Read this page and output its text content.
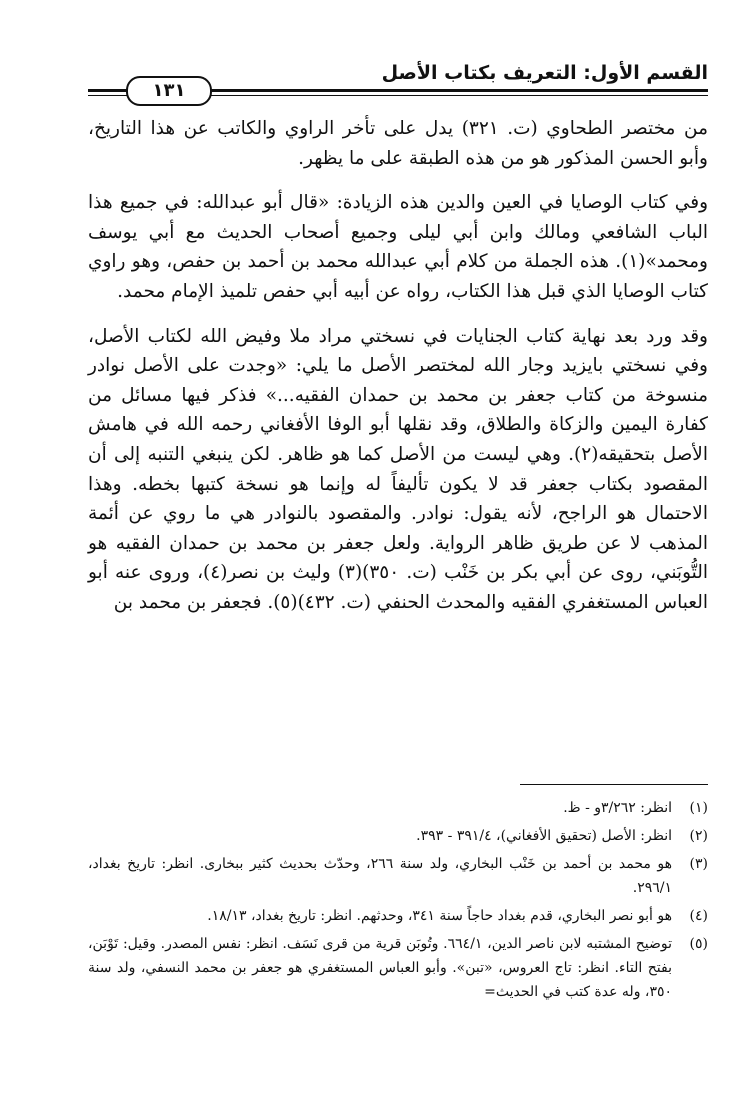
القسم الأول: التعريف بكتاب الأصل
١٣١

من مختصر الطحاوي (ت. ٣٢١) يدل على تأخر الراوي والكاتب عن هذا التاريخ، وأبو الحسن المذكور هو من هذه الطبقة على ما يظهر.

وفي كتاب الوصايا في العين والدين هذه الزيادة: «قال أبو عبدالله: في جميع هذا الباب الشافعي ومالك وابن أبي ليلى وجميع أصحاب الحديث مع أبي يوسف ومحمد»(١). هذه الجملة من كلام أبي عبدالله محمد بن أحمد بن حفص، وهو راوي كتاب الوصايا الذي قبل هذا الكتاب، رواه عن أبيه أبي حفص تلميذ الإمام محمد.

وقد ورد بعد نهاية كتاب الجنايات في نسختي مراد ملا وفيض الله لكتاب الأصل، وفي نسختي بايزيد وجار الله لمختصر الأصل ما يلي: «وجدت على الأصل نوادر منسوخة من كتاب جعفر بن محمد بن حمدان الفقيه...» فذكر فيها مسائل من كفارة اليمين والزكاة والطلاق، وقد نقلها أبو الوفا الأفغاني رحمه الله في هامش الأصل بتحقيقه(٢). وهي ليست من الأصل كما هو ظاهر. لكن ينبغي التنبه إلى أن المقصود بكتاب جعفر قد لا يكون تأليفاً له وإنما هو نسخة كتبها بخطه. وهذا الاحتمال هو الراجح، لأنه يقول: نوادر. والمقصود بالنوادر هي ما روي عن أئمة المذهب لا عن طريق ظاهر الرواية. ولعل جعفر بن محمد بن حمدان الفقيه هو التُّوبَني، روى عن أبي بكر بن خَنْب (ت. ٣٥٠)(٣) وليث بن نصر(٤)، وروى عنه أبو العباس المستغفري الفقيه والمحدث الحنفي (ت. ٤٣٢)(٥). فجعفر بن محمد بن

(١)
انظر: ٣/٢٦٢و - ظ.
(٢)
انظر: الأصل (تحقيق الأفغاني)، ٣٩١/٤ - ٣٩٣.
(٣)
هو محمد بن أحمد بن خَنْب البخاري، ولد سنة ٢٦٦، وحدّث بحديث كثير ببخارى. انظر: تاريخ بغداد، ٢٩٦/١.
(٤)
هو أبو نصر البخاري، قدم بغداد حاجاً سنة ٣٤١، وحدثهم. انظر: تاريخ بغداد، ١٨/١٣.
(٥)
توضيح المشتبه لابن ناصر الدين، ٦٦٤/١. وتُوبَن قرية من قرى نَسَف. انظر: نفس المصدر. وقيل: تَوْبَن، بفتح التاء. انظر: تاج العروس، «تبن». وأبو العباس المستغفري هو جعفر بن محمد النسفي، ولد سنة ٣٥٠، وله عدة كتب في الحديث=
